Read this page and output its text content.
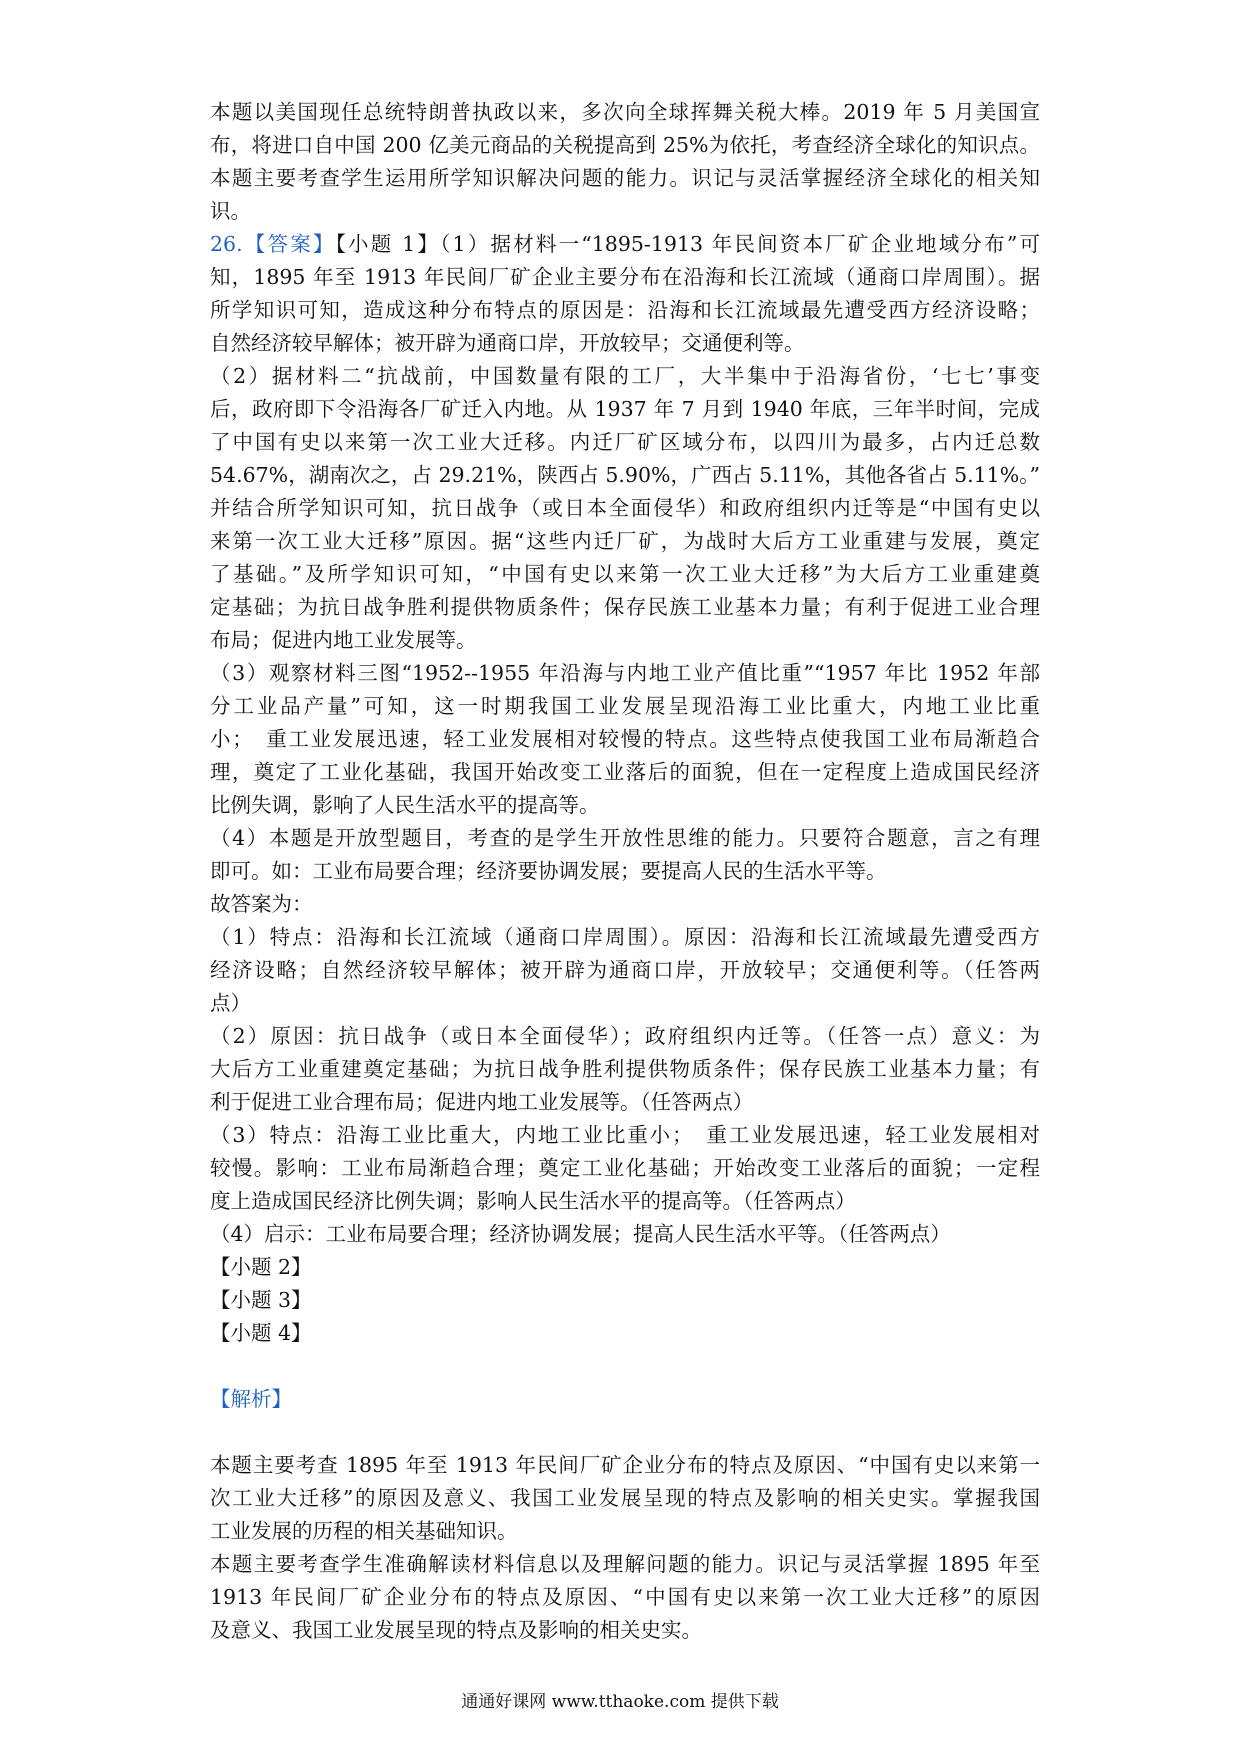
本题以美国现任总统特朗普执政以来，多次向全球挥舞关税大棒。2019 年 5 月美国宣
布，将进口自中国 200 亿美元商品的关税提高到 25%为依托，考查经济全球化的知识点。
本题主要考查学生运用所学知识解决问题的能力。识记与灵活掌握经济全球化的相关知
识。
26.【答案】【小题 1】（1）据材料一“1895-1913 年民间资本厂矿企业地域分布”可
知，1895 年至 1913 年民间厂矿企业主要分布在沿海和长江流域（通商口岸周围）。据
所学知识可知，造成这种分布特点的原因是：沿海和长江流域最先遭受西方经济设略；
自然经济较早解体；被开辟为通商口岸，开放较早；交通便利等。
（2）据材料二“抗战前，中国数量有限的工厂，大半集中于沿海省份，‘七七’事变
后，政府即下令沿海各厂矿迁入内地。从 1937 年 7 月到 1940 年底，三年半时间，完成
了中国有史以来第一次工业大迁移。内迁厂矿区域分布，以四川为最多，占内迁总数
54.67%，湖南次之，占 29.21%，陕西占 5.90%，广西占 5.11%，其他各省占 5.11%。”
并结合所学知识可知，抗日战争（或日本全面侵华）和政府组织内迁等是“中国有史以
来第一次工业大迁移”原因。据“这些内迁厂矿，为战时大后方工业重建与发展，奠定
了基础。”及所学知识可知，“中国有史以来第一次工业大迁移”为大后方工业重建奠
定基础；为抗日战争胜利提供物质条件；保存民族工业基本力量；有利于促进工业合理
布局；促进内地工业发展等。
（3）观察材料三图“1952--1955 年沿海与内地工业产值比重”“1957 年比 1952 年部
分工业品产量”可知，这一时期我国工业发展呈现沿海工业比重大，内地工业比重
小；　重工业发展迅速，轻工业发展相对较慢的特点。这些特点使我国工业布局渐趋合
理，奠定了工业化基础，我国开始改变工业落后的面貌，但在一定程度上造成国民经济
比例失调，影响了人民生活水平的提高等。
（4）本题是开放型题目，考查的是学生开放性思维的能力。只要符合题意，言之有理
即可。如：工业布局要合理；经济要协调发展；要提高人民的生活水平等。
故答案为：
（1）特点：沿海和长江流域（通商口岸周围）。原因：沿海和长江流域最先遭受西方
经济设略；自然经济较早解体；被开辟为通商口岸，开放较早；交通便利等。（任答两
点）
（2）原因：抗日战争（或日本全面侵华）；政府组织内迁等。（任答一点）意义：为
大后方工业重建奠定基础；为抗日战争胜利提供物质条件；保存民族工业基本力量；有
利于促进工业合理布局；促进内地工业发展等。（任答两点）
（3）特点：沿海工业比重大，内地工业比重小；　重工业发展迅速，轻工业发展相对
较慢。影响：工业布局渐趋合理；奠定工业化基础；开始改变工业落后的面貌；一定程
度上造成国民经济比例失调；影响人民生活水平的提高等。（任答两点）
（4）启示：工业布局要合理；经济协调发展；提高人民生活水平等。（任答两点）
【小题 2】
【小题 3】
【小题 4】
【解析】
本题主要考查 1895 年至 1913 年民间厂矿企业分布的特点及原因、“中国有史以来第一
次工业大迁移”的原因及意义、我国工业发展呈现的特点及影响的相关史实。掌握我国
工业发展的历程的相关基础知识。
本题主要考查学生准确解读材料信息以及理解问题的能力。识记与灵活掌握 1895 年至
1913 年民间厂矿企业分布的特点及原因、“中国有史以来第一次工业大迁移”的原因
及意义、我国工业发展呈现的特点及影响的相关史实。
通通好课网 www.tthaoke.com 提供下载
